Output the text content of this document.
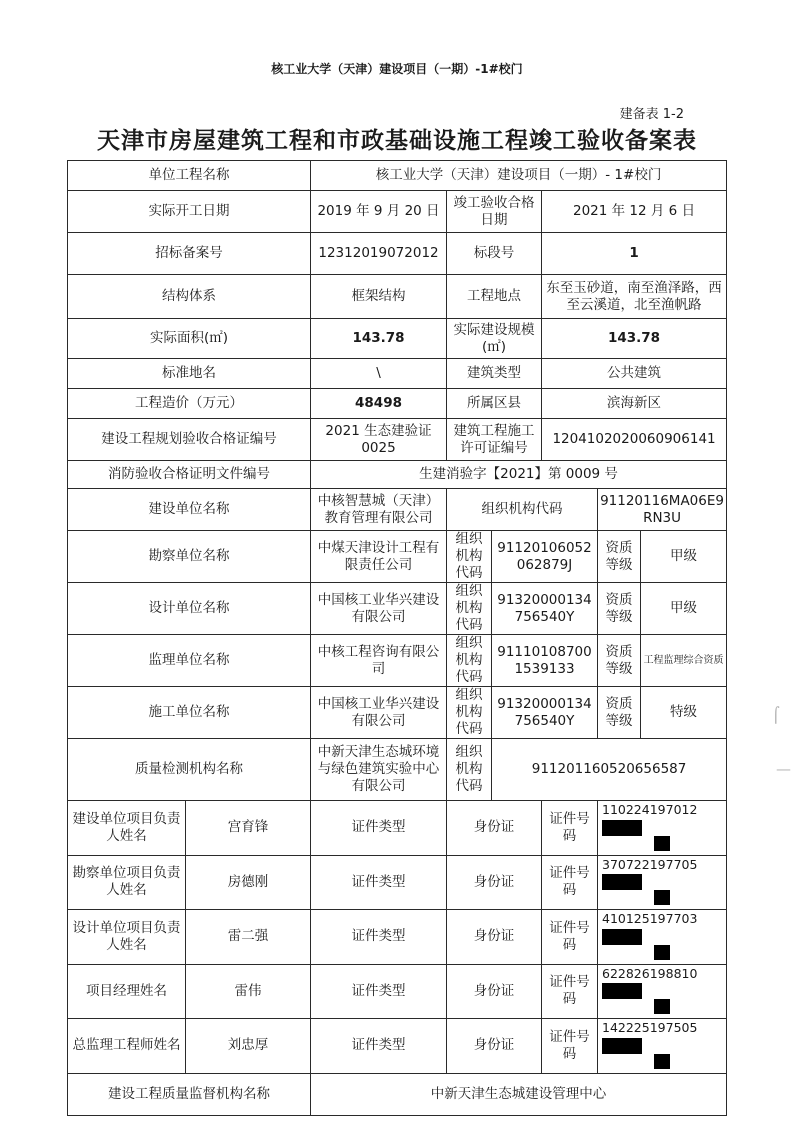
核工业大学（天津）建设项目（一期）-1#校门
建备表 1-2
天津市房屋建筑工程和市政基础设施工程竣工验收备案表
单位工程名称		核工业大学（天津）建设项目（一期）- 1#校门					
实际开工日期		2019 年 9 月 20 日	竣工验收合格日期		2021 年 12 月 6 日		
招标备案号		12312019072012	标段号		1		
结构体系		框架结构	工程地点		东至玉砂道，南至渔泽路，西至云溪道，北至渔帆路		
实际面积(㎡)		143.78	实际建设规模(㎡)		143.78		
标准地名		\	建筑类型		公共建筑		
工程造价（万元）		48498	所属区县		滨海新区		
建设工程规划验收合格证编号		2021 生态建验证 0025	建筑工程施工许可证编号		1204102020060906141		
消防验收合格证明文件编号		生建消验字【2021】第 0009 号					
建设单位名称		中核智慧城（天津）教育管理有限公司	组织机构代码			91120116MA06E9RN3U	
勘察单位名称		中煤天津设计工程有限责任公司	组织机构代码	91120106052062879J		资质等级	甲级
设计单位名称		中国核工业华兴建设有限公司	组织机构代码	91320000134756540Y		资质等级	甲级
监理单位名称		中核工程咨询有限公司	组织机构代码	911101087001539133		资质等级	工程监理综合资质
施工单位名称		中国核工业华兴建设有限公司	组织机构代码	91320000134756540Y		资质等级	特级
质量检测机构名称		中新天津生态城环境与绿色建筑实验中心有限公司	组织机构代码	911201160520656587			
建设单位项目负责人姓名	宫育锋	证件类型	身份证		证件号码	110224197012	

勘察单位项目负责人姓名	房德刚	证件类型	身份证		证件号码	370722197705	

设计单位项目负责人姓名	雷二强	证件类型	身份证		证件号码	410125197703	

项目经理姓名	雷伟	证件类型	身份证		证件号码	622826198810	

总监理工程师姓名	刘忠厚	证件类型	身份证		证件号码	142225197505	

建设工程质量监督机构名称		中新天津生态城建设管理中心					
⌠
—
